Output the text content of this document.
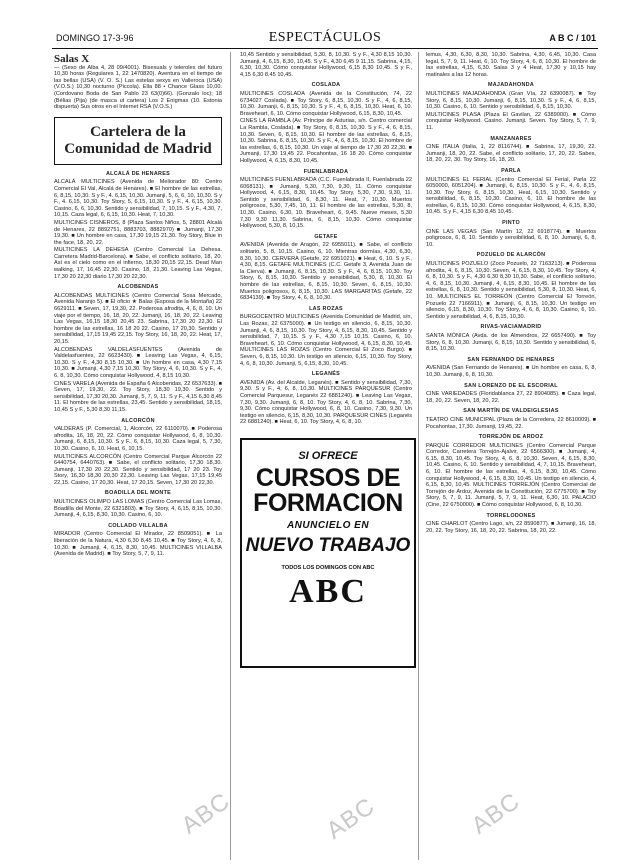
DOMINGO 17-3-96	ESPECTÁCULOS	A B C / 101
Salas X
— (Sexo de Alba 4, 28 09/4001). Bisexuals y teleroles del futuro 10,30 horas (Regulares 1, 22 1470820). Aventura en el tiempo de las bellas (USA) (V. O. S.) Las estelas sexys en Valleroca (USA) (V.O.S.) 10,30 nocturno (Piccola). Ella 88 • Chance Glass 10,00. (Cordovano Boda de San Pablo 23 63(0)66). (Gonzalo loc); 18 (Bélias (Pija) (de masca ut cartera) Los 2 Enigmas (10. Estonia dispuerta) Sus otros en el Internet RSA (V.O.S.)
Cartelera de la Comunidad de Madrid
ALCALÁ DE HENARES
ALCALÁ MULTICINES (Avenida de Meliorador 80: Centro Comercial El Val, Alcalá de Henares). ■ El hombre de las estrellas, 6, 8,15, 10,30. S y F., 4. 6,15, 10,30. Jumanji, 5, 6, 6, 10, 10,30. S y F., 4. 6,15, 10,30. Toy Story, 5, 6,15, 10,30. S y F., 4. 6,15, 10,30. Casino, 6, 6, 10,30. Sentido y sensibilidad, 7, 10,15. S y F., 4,30, 7, 10,15. Caza legal, 6, 6,15, 10,30. Heat, 7, 10,30.
MULTICINES CISNEROS, 8 (Plaza Santos Niños, 5, 28801 Alcalá de Henares, 22 8892751, 8883703, 8882970) ■ Jumanji, 17,30 19,30. ■ Un hombre en casa, 17,30 19,15 21,30. Toy Story, Blue in the face, 18, 20, 22.
MULTICINES LA DEHESA (Centro Comercial La Dehesa. Carretera Madrid-Barcelona). ■ Sabe, el conflicto solitario, 18, 20. Así es el cielo como en el infierno, 18,30 20,15 22,15. Dead Man walking, 17, 16,45 22,30. Casino, 18, 21,30. Leaving Las Vegas, 17,30 20 22,30 diario 17,30 20 22,30.
ALCOBENDAS
ALCOBENDAS MULTICINES (Centro Comercial Sosa Mercado, Avenida Naranjo 5). ■ El oficio ★ Balas (Esposa de la Montaña) 22 6629111. ■ Seven, 17, 19,30, 22. Poderosa afrodita, 4, 6, 8, 10. Un viaje por el tiempo, 16, 18, 20, 22. Jumanji, 16, 18, 20, 22. Leaving Las Vegas, 16,15 18,30 20,45 23. Sabrina, 17,30 20 22,30. El hombre de las estrellas, 16 18 20 22. Casino, 17 20,30. Sentido y sensibilidad, 17,15 19,45 22,15. Toy Story, 16, 18, 20, 22. Heat, 17, 20,15.
ALCOBENDAS VALDELASFUENTES (Avenida de Valdelasfuentes, 22 6623430). ■ Leaving Las Vegas, 4, 6,15, 10,30. S y F., 4,30 8,15 10,30. ■ Un hombre en casa, 4,30 7,15 10,30. ■ Jumanji, 4,30 7,15 10,30. Toy Story, 4, 6, 10,30. S y F., 4, 6, 8, 10,30. Cómo conquistar Hollywood, 4, 8,15 10,30.
CINES VARELA (Avenida de España 6 Alcobendas, 22 6537633). ■ Seven, 17, 19,30, 22. Toy Story, 18,30 19,30. Sentido y sensibilidad, 17,30 20,30. Jumanji, 5, 7, 9, 11. S y F., 4,15 6,30 8,45 11. El hombre de las estrellas, 23,45. Sentido y sensibilidad, 18,15, 10,45 S y F., 5,30 8,30 11,15.
ALCORCÓN
VALDERAS (P. Comercial, 1, Alcorcón, 22 6110070). ■ Poderosa afrodita, 16, 18, 20, 22. Cómo conquistar Hollywood, 6, 8, 10,30. Jumanji, 6, 8,15, 10,30. S y F., 6, 8,15, 10,30. Caza legal, 5, 7,30, 10,30. Casino, 6, 10. Heat, 6, 10,15.
MULTICINES ALCORCÓN (Centro Comercial Parque Alcorcón 22 6440754, 6440763). ■ Sabe, el conflicto solitario, 17,30 18,30. Jumanji, 17,30 20 22,30. Sentido y sensibilidad, 17 20 23. Toy Story, 16,30 18,30 20,30 22,30. Leaving Las Vegas, 17,15 19,45 22,15. Casino, 17 20,30. Heat, 17 20,15. Seven, 17,30 20 22,30.
BOADILLA DEL MONTE
MULTICINES OLIMPO LAS LOMAS (Centro Comercial Las Lomas, Boadilla del Monte, 22 6321803). ■ Toy Story, 4, 6,15, 8,15, 10,30. Jumanji, 4, 6,15, 8,30, 10,30. Casino, 6, 10.
COLLADO VILLALBA
MIRADOR (Centro Comercial El Mirador, 22 8509051). ■ La liberación de la Natura, 4,30 6,30 8,45 10,45. ■ Toy Story, 4, 6, 8, 10,30. ■ Jumanji, 4, 6,15, 8,30, 10,45. MULTICINES VILLALBA (Avenida de Madrid). ■ Toy Story, 5, 7, 9, 11.
10,45 Sentido y sensibilidad, 5,30, 8, 10,30. S y F., 4,30 8,15 10,30. Jumanji, 4, 6,15, 8,30, 10,45. S y F., 4,30 6,45 9 11,15. Sabrina, 4,15, 6,30, 10,30. Cómo conquistar Hollywood, 6,15 8,30 10,45. S y F., 4,15 6,30 8,45 10,45.
COSLADA
MULTICINES COSLADA (Avenida de la Constitución, 74, 22 6734027 Coslada). ■ Toy Story, 6, 8,15, 10,30. S y F., 4, 6, 8,15, 10,30. Jumanji, 6, 8,15, 10,30. S y F., 4, 6, 8,15, 10,30. Heat, 6, 10. Braveheart, 6, 10. Cómo conquistar Hollywood, 6,15, 8,30, 10,45.
CINES LA RAMBLA (Av. Príncipe de Asturias, s/n. Centro comercial La Rambla, Coslada). ■ Toy Story, 6, 8,15, 10,30. S y F., 4, 6, 8,15, 10,30. Seven, 6, 8,15, 10,30. El hombre de las estrellas, 6, 8,15, 10,30. Sabrina, 6, 8,15, 10,30. S y F., 4, 6, 8,15, 10,30. El hombre de las estrellas, 6, 8,15, 10,30. Un viaje al tiempo de 17,30 20 22,30. ■ Jumanji, 17,30 19,45 22. Pocahontas, 16 18 20. Cómo conquistar Hollywood, 4, 6,15, 8,30, 10,45.
FUENLABRADA
MULTICINES FUENLABRADA (C.C. Fuenlabrada II, Fuenlabrada 22 6068131). ■ Jumanji, 5,30, 7,30, 9,30, 11. Cómo conquistar Hollywood, 4, 6,15, 8,30, 10,45. Toy Story, 5,30, 7,30, 9,30, 11. Sentido y sensibilidad, 6, 8,30, 11. Heat, 7, 10,30. Muertos poligrosos, 5,30, 7,45, 10, 11. El hombre de las estrellas, 5,30, 8, 10,30. Casino, 6,30, 10. Braveheart, 6, 9,45. Nueve meses, 5,30 7,30 9,30 11,30. Sabrina, 6, 8,15, 10,30. Cómo conquistar Hollywood, 5,30, 8, 10,15.
GETAFE
AVENIDA (Avenida de Aragón, 22 6955011). ■ Sabe, el conflicto solitario, 5, 8, 10,15. Casino, 6, 10. Mientras dormías, 4,30, 6,30, 8,30, 10,30. CERVERA (Getafe, 22 6951021). ■ Heat, 6, 10. S y F., 4,30, 8,15. GETAFE MULTICINES (C.C. Getafe 3, Avenida Juan de la Cierva). ■ Jumanji, 6, 8,15, 10,30. S y F., 4, 6, 8,15, 10,30. Toy Story, 6, 8,15, 10,30. Sentido y sensibilidad, 5,30, 8, 10,30. El hombre de las estrellas, 6, 8,15, 10,30. Seven, 6, 8,15, 10,30. Muertos poligrosos, 6, 8,15, 10,30. LAS MARGARITAS (Getafe, 22 6834139). ■ Toy Story, 4, 6, 8, 10,30.
LAS ROZAS
BURGOCENTRO MULTICINES (Avenida Comunidad de Madrid, s/n, Las Rozas, 22 6375000). ■ Un testigo en silencio, 6, 8,15, 10,30. Jumanji, 4, 6, 8,15, 10,30. Toy Story, 4, 6,15, 8,30, 10,45. Sentido y sensibilidad, 7, 10,15. S y F., 4,30 7,15 10,15. Casino, 6, 10. Braveheart, 6, 10. Cómo conquistar Hollywood, 4, 6,15, 8,30, 10,45. MULTICINES LAS ROZAS (Centro Comercial El Zoco Burgo). ■ Seven, 6, 8,15, 10,30. Un testigo en silencio, 6,15, 10,30. Toy Story, 4, 6, 8, 10,30. Jumanji, 5, 6,15, 8,30, 10,45.
LEGANÉS
AVENIDA (Av. del Alcalde, Leganés). ■ Sentido y sensibilidad, 7,30, 9,30. S y F., 4, 6, 8, 10,30. MULTICINES PARQUESUR (Centro Comercial Parquesur, Leganés 22 6881240). ■ Leaving Las Vegas, 7,30, 9,30. Jumanji, 6, 8, 10. Toy Story, 4, 6, 8, 10. Sabrina, 7,30, 9,30. Cómo conquistar Hollywood, 6, 8, 10. Casino, 7,30, 9,30. Un testigo en silencio, 6,15, 8,30, 10,30. PARQUESUR CINES (Leganés 22 6881240). ■ Heat, 6, 10. Toy Story, 4, 6, 8, 10.
lemus, 4,30, 6,30, 8,30, 10,30. Sabrina, 4,30, 6,45, 10,30. Casa legal, 5, 7, 9, 11. Heat, 6, 10. Toy Story, 4, 6, 8, 10,30. El hombre de las estrellas, 4,15, 6,30. Salas 3 y 4 Heat, 17,30 y 10,15 hay matinales a las 12 horas.
MAJADAHONDA
MULTICINES MAJADAHONDA (Gran Vía, 22 6390087). ■ Toy Story, 6, 8,15, 10,30. Jumanji, 6, 8,15, 10,30. S y F., 4, 6, 8,15, 10,30. Casino, 6, 10. Sentido y sensibilidad, 6, 8,15, 10,30.
MULTICINES PLASA (Plaza El Gavilan, 22 6389000). ■ Cómo conquistar Hollywood. Casino. Jumanji. Seven. Toy Story, 5, 7, 9, 11.
MANZANARES
CINE ITALIA (Italia, 1, 22 8116744). ■ Sabrina, 17, 19,30, 22. Jumanji, 18, 20, 22. Sabe, el conflicto solitario, 17, 20, 22. Sabes, 18, 20, 22, 30. Toy Story, 16, 18, 20.
PARLA
MULTICINES EL FERIAL (Centro Comercial El Ferial, Parla 22 6050000, 6051204). ■ Jumanji, 6, 8,15, 10,30. S y F., 4, 6, 8,15, 10,30. Toy Story, 6, 8,15, 10,30. Heat, 6,15, 10,30. Sentido y sensibilidad, 6, 8,15, 10,30. Casino, 6, 10. El hombre de las estrellas, 6, 8,15, 10,30. Cómo conquistar Hollywood, 4, 6,15, 8,30, 10,45. S y F., 4,15 6,30 8,45 10,45.
PINTO
CINE LAS VEGAS (San Martín 12, 22 6918774). ■ Muertos poligrosos, 6, 8, 10. Sentido y sensibilidad, 6, 8, 10. Jumanji, 6, 8, 10.
POZUELO DE ALARCÓN
MULTICINES POZUELO (Zoco Pozuelo, 22 7163213). ■ Poderosa afrodita, 4, 6, 8,15, 10,30. Seven, 4, 6,15, 8,30, 10,45. Toy Story, 4, 6, 8, 10,30. S y F., 4,30 6,30 8,30 10,30. Sabe, el conflicto solitario, 4, 6, 8,15, 10,30. Jumanji, 4, 6,15, 8,30, 10,45. El hombre de las estrellas, 6, 8, 10,30. Sentido y sensibilidad, 5,30, 8, 10,30. Heat, 6, 10. MULTICINES EL TORREÓN (Centro Comercial El Torreón, Pozuelo 22 7166911). ■ Jumanji, 6, 8,15, 10,30. Un testigo en silencio, 6,15, 8,30, 10,30. Toy Story, 4, 6, 8, 10,30. Casino, 6, 10. Sentido y sensibilidad, 4, 6, 8,15, 10,30.
RIVAS-VACIAMADRID
SANTA MÓNICA (Avda. de los Almendros, 22 6657490). ■ Toy Story, 6, 8, 10,30. Jumanji, 6, 8,15, 10,30. Sentido y sensibilidad, 6, 8,15, 10,30.
SAN FERNANDO DE HENARES
AVENIDA (San Fernando de Henares). ■ Un hombre en casa, 6, 8, 10,30. Jumanji, 6, 8, 10,30.
SAN LORENZO DE EL ESCORIAL
CINE VARIEDADES (Floridablanca 27, 22 8904085). ■ Caza legal, 18, 20, 22. Seven, 18, 20, 22.
SAN MARTÍN DE VALDEIGLESIAS
TEATRO CINE MUNICIPAL (Plaza de la Corredera, 22 8610009). ■ Pocahontas, 17,30. Jumanji, 19,45, 22.
TORREJÓN DE ARDOZ
PARQUE CORREDOR MULTICINES (Centro Comercial Parque Corredor, Carretera Torrejón-Ajalvir, 22 6566300). ■ Jumanji, 4, 6,15, 8,30, 10,45. Toy Story, 4, 6, 8, 10,30. Seven, 4, 6,15, 8,30, 10,45. Casino, 6, 10. Sentido y sensibilidad, 4, 7, 10,15. Braveheart, 6, 10. El hombre de las estrellas, 4, 6,15, 8,30, 10,45. Cómo conquistar Hollywood, 4, 6,15, 8,30, 10,45. Un testigo en silencio, 4, 6,15, 8,30, 10,45. MULTICINES TORREJÓN (Centro Comercial de Torrejón de Ardoz, Avenida de la Constitución, 22 6775700). ■ Toy Story, 5, 7, 9, 11. Jumanji, 5, 7, 9, 11. Heat, 6,30, 10. PALACIO (Cine, 22 6750000). ■ Cómo conquistar Hollywood, 6, 8, 10,30.
TORRELODONES
CINE CHARLOT (Centro Lago, s/n, 22 8590877). ■ Jumanji, 16, 18, 20, 22. Toy Story, 16, 18, 20, 22. Sabrina, 18, 20, 22.
SI OFRECE
CURSOS DE FORMACION
ANUNCIELO EN
NUEVO TRABAJO
TODOS LOS DOMINGOS CON ABC
ABC
ABC	ABC	ABC
